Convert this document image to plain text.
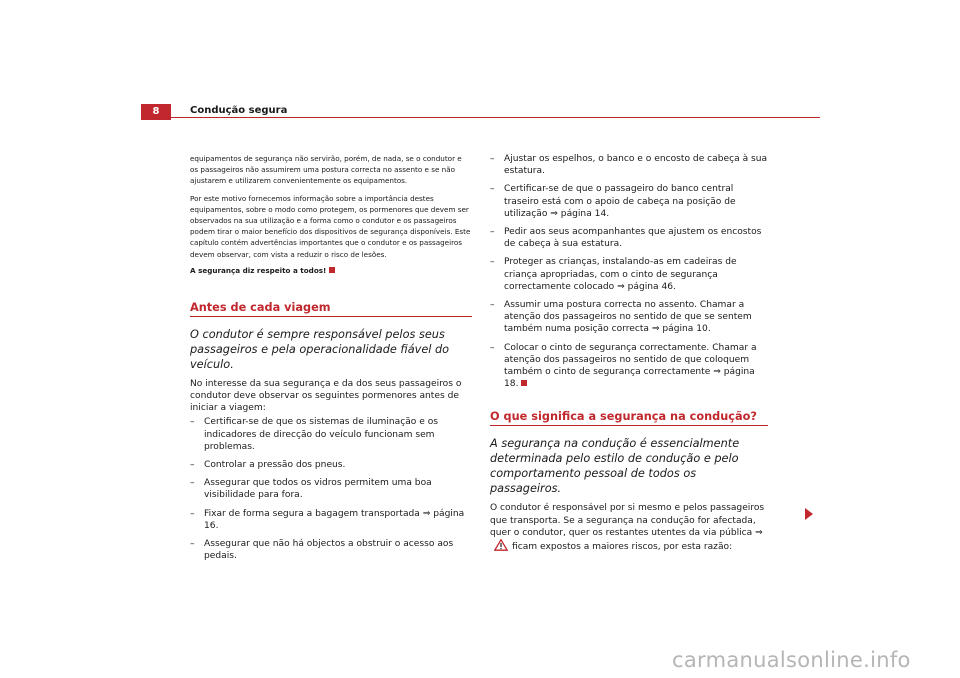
8	Condução segura

equipamentos de segurança não servirão, porém, de nada, se o condutor e os passageiros não assumirem uma postura correcta no assento e se não ajustarem e utilizarem convenientemente os equipamentos.

Por este motivo fornecemos informação sobre a importância destes equipamentos, sobre o modo como protegem, os pormenores que devem ser observados na sua utilização e a forma como o condutor e os passageiros podem tirar o maior benefício dos dispositivos de segurança disponíveis. Este capítulo contém advertências importantes que o condutor e os passageiros devem observar, com vista a reduzir o risco de lesões.

A segurança diz respeito a todos!

Antes de cada viagem

O condutor é sempre responsável pelos seus passageiros e pela operacionalidade fiável do veículo.

No interesse da sua segurança e da dos seus passageiros o condutor deve observar os seguintes pormenores antes de iniciar a viagem:

– Certificar-se de que os sistemas de iluminação e os indicadores de direcção do veículo funcionam sem problemas.
– Controlar a pressão dos pneus.
– Assegurar que todos os vidros permitem uma boa visibilidade para fora.
– Fixar de forma segura a bagagem transportada ⇒ página 16.
– Assegurar que não há objectos a obstruir o acesso aos pedais.
– Ajustar os espelhos, o banco e o encosto de cabeça à sua estatura.
– Certificar-se de que o passageiro do banco central traseiro está com o apoio de cabeça na posição de utilização ⇒ página 14.
– Pedir aos seus acompanhantes que ajustem os encostos de cabeça à sua estatura.
– Proteger as crianças, instalando-as em cadeiras de criança apropriadas, com o cinto de segurança correctamente colocado ⇒ página 46.
– Assumir uma postura correcta no assento. Chamar a atenção dos passageiros no sentido de que se sentem também numa posição correcta ⇒ página 10.
– Colocar o cinto de segurança correctamente. Chamar a atenção dos passageiros no sentido de que coloquem também o cinto de segurança correctamente ⇒ página 18.
O que significa a segurança na condução?

A segurança na condução é essencialmente determinada pelo estilo de condução e pelo comportamento pessoal de todos os passageiros.

O condutor é responsável por si mesmo e pelos passageiros que transporta. Se a segurança na condução for afectada, quer o condutor, quer os restantes utentes da via pública ⇒ficam expostos a maiores riscos, por esta razão:

carmanualsonline.info
